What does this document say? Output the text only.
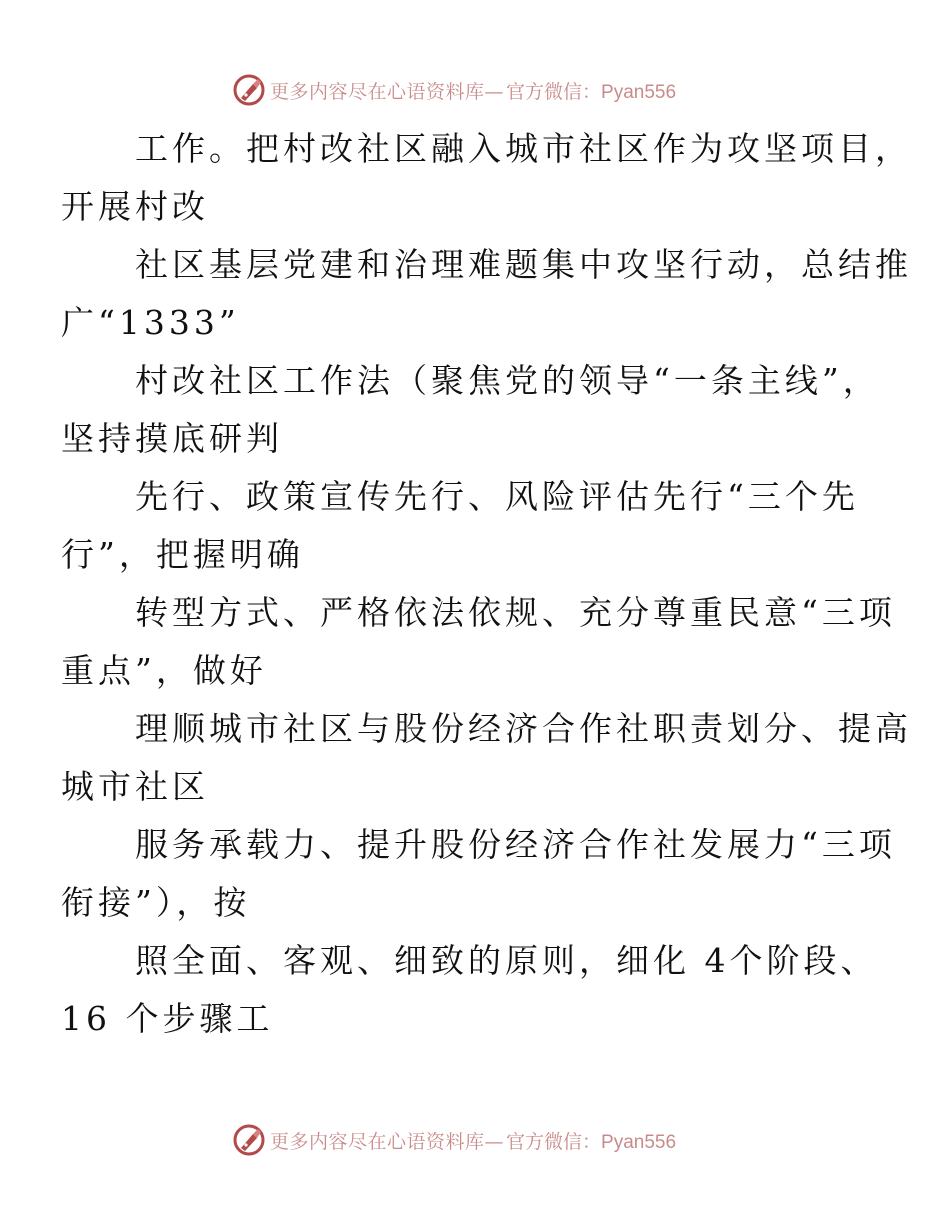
更多内容尽在心语资料库— 官方微信：Pyan556

工作。把村改社区融入城市社区作为攻坚项目，
开展村改

社区基层党建和治理难题集中攻坚行动，总结推
广“1333”

村改社区工作法（聚焦党的领导“一条主线”，
坚持摸底研判

先行、政策宣传先行、风险评估先行“三个先
行”，把握明确

转型方式、严格依法依规、充分尊重民意“三项
重点”，做好

理顺城市社区与股份经济合作社职责划分、提高
城市社区

服务承载力、提升股份经济合作社发展力“三项
衔接”），按

照全面、客观、细致的原则，细化 4个阶段、
16 个步骤工

更多内容尽在心语资料库— 官方微信：Pyan556
